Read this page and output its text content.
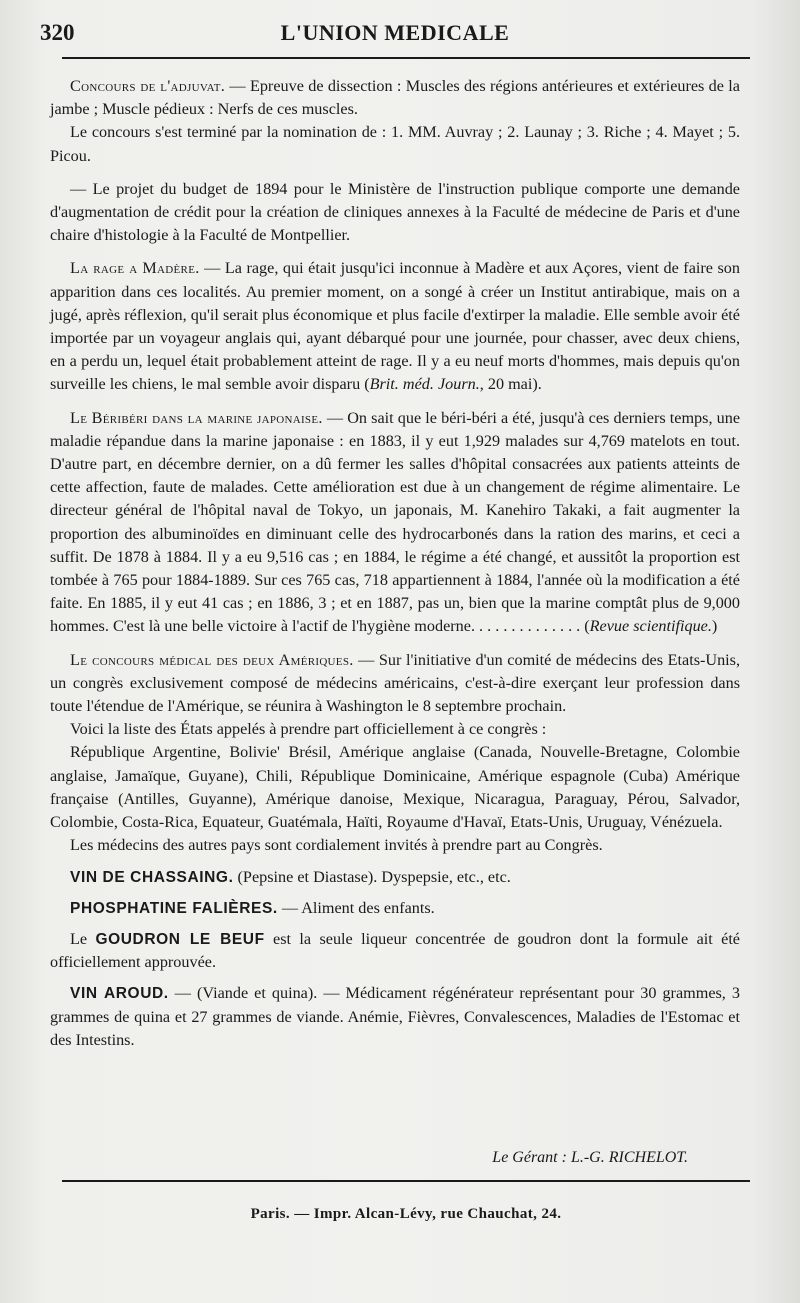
320	L'UNION MEDICALE

Concours de l'adjuvat. — Epreuve de dissection : Muscles des régions antérieures et extérieures de la jambe ; Muscle pédieux : Nerfs de ces muscles.

Le concours s'est terminé par la nomination de : 1. MM. Auvray ; 2. Launay ; 3. Riche ; 4. Mayet ; 5. Picou.

— Le projet du budget de 1894 pour le Ministère de l'instruction publique comporte une demande d'augmentation de crédit pour la création de cliniques annexes à la Faculté de médecine de Paris et d'une chaire d'histologie à la Faculté de Montpellier.

La rage a Madère. — La rage, qui était jusqu'ici inconnue à Madère et aux Açores, vient de faire son apparition dans ces localités. Au premier moment, on a songé à créer un Institut antirabique, mais on a jugé, après réflexion, qu'il serait plus économique et plus facile d'extirper la maladie. Elle semble avoir été importée par un voyageur anglais qui, ayant débarqué pour une journée, pour chasser, avec deux chiens, en a perdu un, lequel était probablement atteint de rage. Il y a eu neuf morts d'hommes, mais depuis qu'on surveille les chiens, le mal semble avoir disparu (Brit. méd. Journ., 20 mai).

Le Béribéri dans la marine japonaise. — On sait que le béri-béri a été, jusqu'à ces derniers temps, une maladie répandue dans la marine japonaise : en 1883, il y eut 1,929 malades sur 4,769 matelots en tout. D'autre part, en décembre dernier, on a dû fermer les salles d'hôpital consacrées aux patients atteints de cette affection, faute de malades. Cette amélioration est due à un changement de régime alimentaire. Le directeur général de l'hôpital naval de Tokyo, un japonais, M. Kanehiro Takaki, a fait augmenter la proportion des albuminoïdes en diminuant celle des hydrocarbonés dans la ration des marins, et ceci a suffit. De 1878 à 1884. Il y a eu 9,516 cas ; en 1884, le régime a été changé, et aussitôt la proportion est tombée à 765 pour 1884-1889. Sur ces 765 cas, 718 appartiennent à 1884, l'année où la modification a été faite. En 1885, il y eut 41 cas ; en 1886, 3 ; et en 1887, pas un, bien que la marine comptât plus de 9,000 hommes. C'est là une belle victoire à l'actif de l'hygiène moderne. . . . . . . . . . . . . . (Revue scientifique.)

Le concours médical des deux Amériques. — Sur l'initiative d'un comité de médecins des Etats-Unis, un congrès exclusivement composé de médecins américains, c'est-à-dire exerçant leur profession dans toute l'étendue de l'Amérique, se réunira à Washington le 8 septembre prochain.

Voici la liste des États appelés à prendre part officiellement à ce congrès :

République Argentine, Bolivie' Brésil, Amérique anglaise (Canada, Nouvelle-Bretagne, Colombie anglaise, Jamaïque, Guyane), Chili, République Dominicaine, Amérique espagnole (Cuba) Amérique française (Antilles, Guyanne), Amérique danoise, Mexique, Nicaragua, Paraguay, Pérou, Salvador, Colombie, Costa-Rica, Equateur, Guatémala, Haïti, Royaume d'Havaï, Etats-Unis, Uruguay, Vénézuela.

Les médecins des autres pays sont cordialement invités à prendre part au Congrès.

VIN DE CHASSAING. (Pepsine et Diastase). Dyspepsie, etc., etc.

PHOSPHATINE FALIÈRES. — Aliment des enfants.

Le GOUDRON LE BEUF est la seule liqueur concentrée de goudron dont la formule ait été officiellement approuvée.

VIN AROUD. — (Viande et quina). — Médicament régénérateur représentant pour 30 grammes, 3 grammes de quina et 27 grammes de viande. Anémie, Fièvres, Convalescences, Maladies de l'Estomac et des Intestins.

Le Gérant : L.-G. RICHELOT.
Paris. — Impr. Alcan-Lévy, rue Chauchat, 24.
